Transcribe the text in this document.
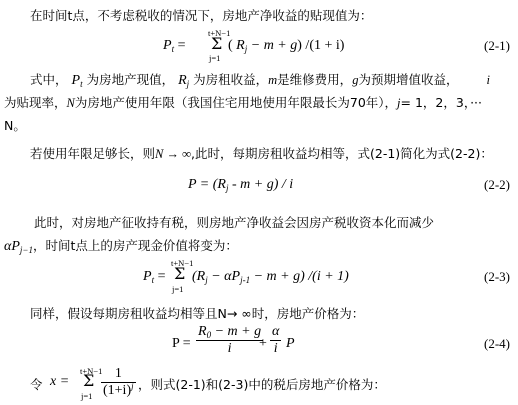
在时间t点，不考虑税收的情况下，房地产净收益的贴现值为：
$P_t$ =
t+N−1
Σ
j=1
( $R_j - m + g$) /(1 + i)	(2-1)
式中， $P_t$ 为房地产现值， $R_j$ 为房租收益，m是维修费用，g为预期增值收益， i
为贴现率，N为房地产使用年限（我国住宅用地使用年限最长为70年），j= 1，2，3，···
N。
若使用年限足够长，则N → ∞,此时，每期房租收益均相等，式(2-1)简化为式(2-2)：
$P = (R_j - m + g) / i$	(2-2)
此时，对房地产征收持有税，则房地产净收益会因房产税收资本化而减少
$\alpha P_{j-1}$，时间t点上的房产现金价值将变为：
$P_t$ =
t+N−1
Σ
j=1
$(R_j - \alpha P_{j-1} - m + g) /(i + 1)$	(2-3)
同样，假设每期房租收益均相等且N→ ∞时，房地产价格为：
$P = \frac{R_0 - m + g}{i}$
+ $\frac{\alpha}{i}$ P	(2-4)
令 x =
t+N−1
Σ
$j=1 \frac{1}{(1+i)^j}$ ，则式(2-1)和(2-3)中的税后房地产价格为：
